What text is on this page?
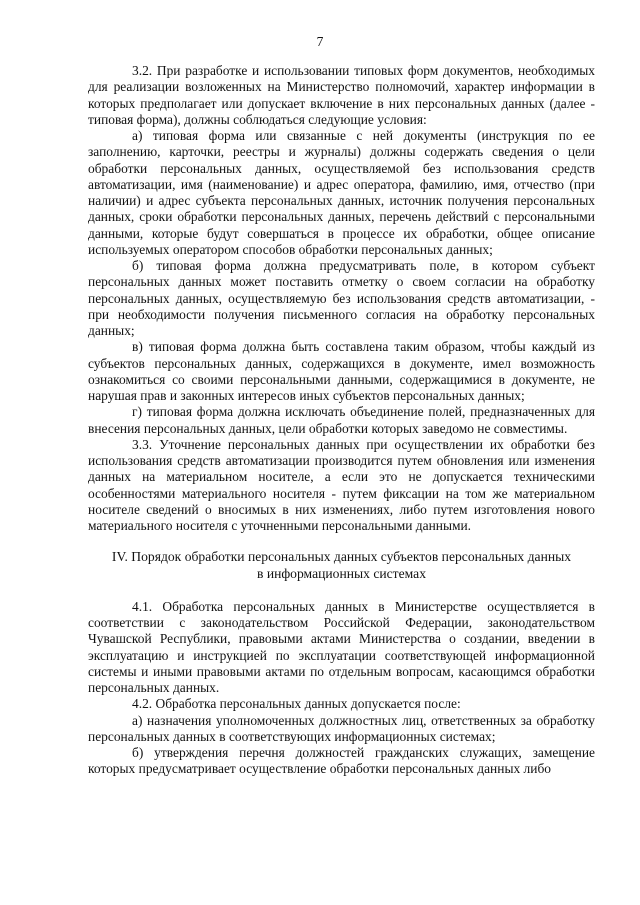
7

3.2. При разработке и использовании типовых форм документов, необходимых для реализации возложенных на Министерство полномочий, характер информации в которых предполагает или допускает включение в них персональных данных (далее - типовая форма), должны соблюдаться следующие условия:

а) типовая форма или связанные с ней документы (инструкция по ее заполнению, карточки, реестры и журналы) должны содержать сведения о цели обработки персональных данных, осуществляемой без использования средств автоматизации, имя (наименование) и адрес оператора, фамилию, имя, отчество (при наличии) и адрес субъекта персональных данных, источник получения персональных данных, сроки обработки персональных данных, перечень действий с персональными данными, которые будут совершаться в процессе их обработки, общее описание используемых оператором способов обработки персональных данных;

б) типовая форма должна предусматривать поле, в котором субъект персональных данных может поставить отметку о своем согласии на обработку персональных данных, осуществляемую без использования средств автоматизации, - при необходимости получения письменного согласия на обработку персональных данных;

в) типовая форма должна быть составлена таким образом, чтобы каждый из субъектов персональных данных, содержащихся в документе, имел возможность ознакомиться со своими персональными данными, содержащимися в документе, не нарушая прав и законных интересов иных субъектов персональных данных;

г) типовая форма должна исключать объединение полей, предназначенных для внесения персональных данных, цели обработки которых заведомо не совместимы.

3.3. Уточнение персональных данных при осуществлении их обработки без использования средств автоматизации производится путем обновления или изменения данных на материальном носителе, а если это не допускается техническими особенностями материального носителя - путем фиксации на том же материальном носителе сведений о вносимых в них изменениях, либо путем изготовления нового материального носителя с уточненными персональными данными.

IV. Порядок обработки персональных данных субъектов персональных данных
в информационных системах

4.1. Обработка персональных данных в Министерстве осуществляется в соответствии с законодательством Российской Федерации, законодательством Чувашской Республики, правовыми актами Министерства о создании, введении в эксплуатацию и инструкцией по эксплуатации соответствующей информационной системы и иными правовыми актами по отдельным вопросам, касающимся обработки персональных данных.

4.2. Обработка персональных данных допускается после:

а) назначения уполномоченных должностных лиц, ответственных за обработку персональных данных в соответствующих информационных системах;

б) утверждения перечня должностей гражданских служащих, замещение которых предусматривает осуществление обработки персональных данных либо
